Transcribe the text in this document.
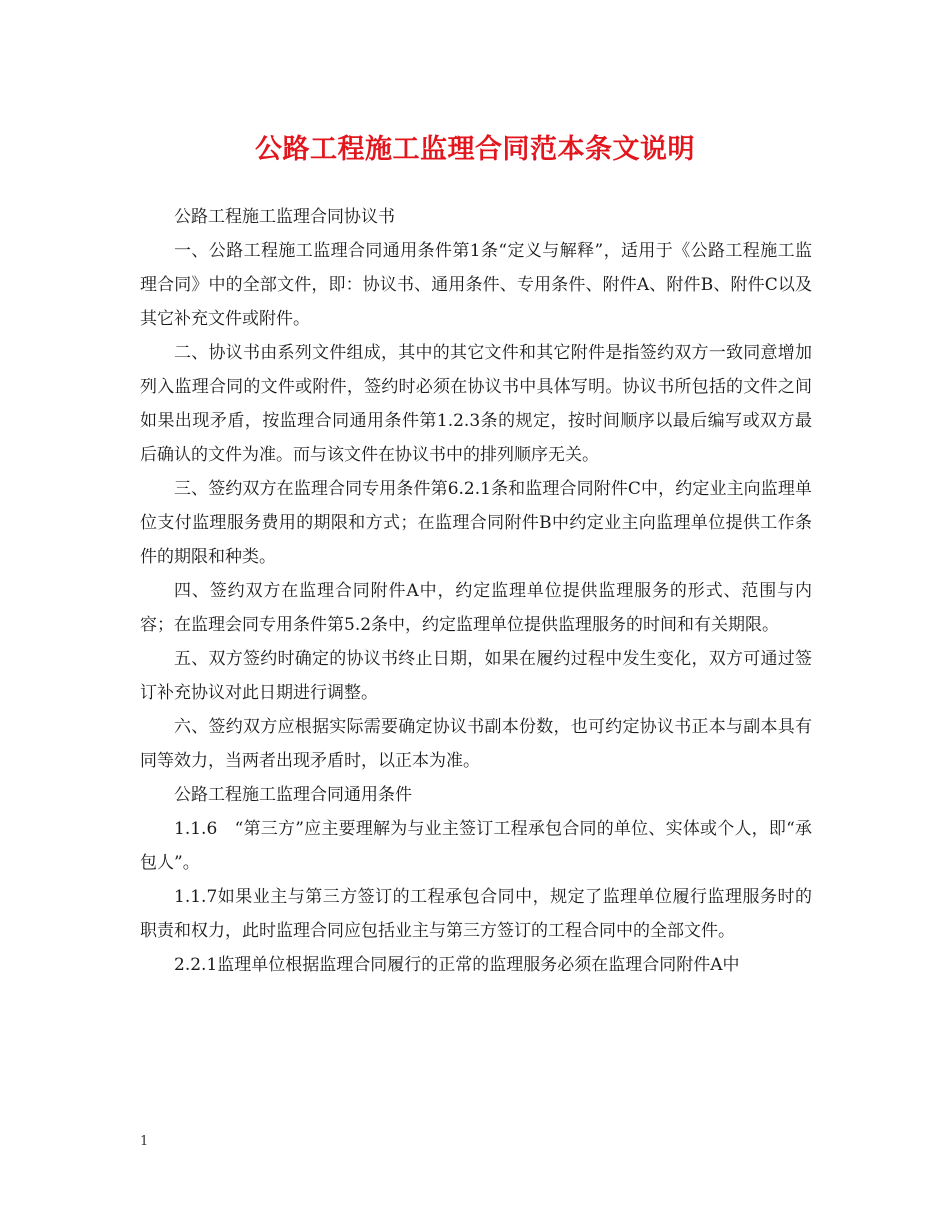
公路工程施工监理合同范本条文说明

公路工程施工监理合同协议书

一、公路工程施工监理合同通用条件第1条“定义与解释”，适用于《公路工程施工监理合同》中的全部文件，即：协议书、通用条件、专用条件、附件A、附件B、附件C以及其它补充文件或附件。

二、协议书由系列文件组成，其中的其它文件和其它附件是指签约双方一致同意增加列入监理合同的文件或附件，签约时必须在协议书中具体写明。协议书所包括的文件之间如果出现矛盾，按监理合同通用条件第1.2.3条的规定，按时间顺序以最后编写或双方最后确认的文件为准。而与该文件在协议书中的排列顺序无关。

三、签约双方在监理合同专用条件第6.2.1条和监理合同附件C中，约定业主向监理单位支付监理服务费用的期限和方式；在监理合同附件B中约定业主向监理单位提供工作条件的期限和种类。

四、签约双方在监理合同附件A中，约定监理单位提供监理服务的形式、范围与内容；在监理会同专用条件第5.2条中，约定监理单位提供监理服务的时间和有关期限。

五、双方签约时确定的协议书终止日期，如果在履约过程中发生变化，双方可通过签订补充协议对此日期进行调整。

六、签约双方应根据实际需要确定协议书副本份数，也可约定协议书正本与副本具有同等效力，当两者出现矛盾时，以正本为准。

公路工程施工监理合同通用条件

1.1.6　“第三方”应主要理解为与业主签订工程承包合同的单位、实体或个人，即“承包人”。

1.1.7如果业主与第三方签订的工程承包合同中，规定了监理单位履行监理服务时的职责和权力，此时监理合同应包括业主与第三方签订的工程合同中的全部文件。

2.2.1监理单位根据监理合同履行的正常的监理服务必须在监理合同附件A中

1
